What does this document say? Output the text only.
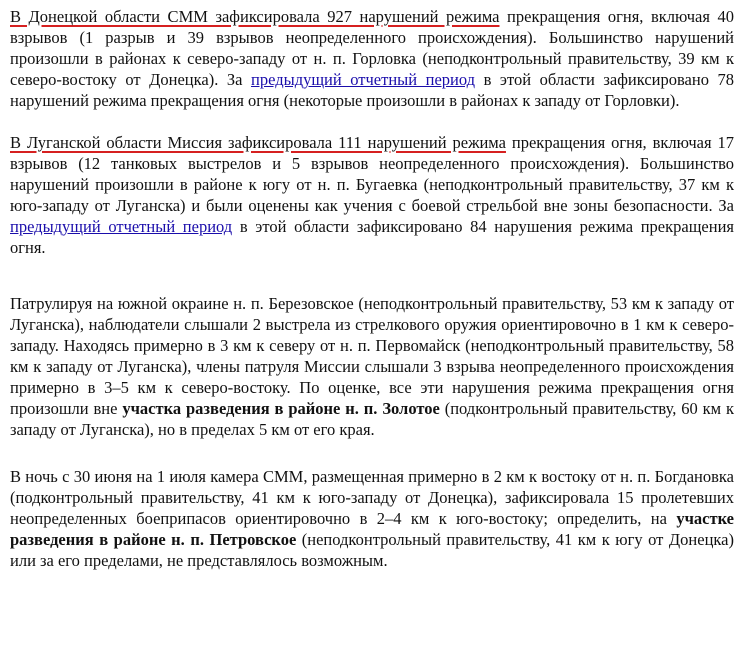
В Донецкой области СММ зафиксировала 927 нарушений режима прекращения огня, включая 40 взрывов (1 разрыв и 39 взрывов неопределенного происхождения). Большинство нарушений произошли в районах к северо-западу от н. п. Горловка (неподконтрольный правительству, 39 км к северо-востоку от Донецка). За предыдущий отчетный период в этой области зафиксировано 78 нарушений режима прекращения огня (некоторые произошли в районах к западу от Горловки).

В Луганской области Миссия зафиксировала 111 нарушений режима прекращения огня, включая 17 взрывов (12 танковых выстрелов и 5 взрывов неопределенного происхождения). Большинство нарушений произошли в районе к югу от н. п. Бугаевка (неподконтрольный правительству, 37 км к юго-западу от Луганска) и были оценены как учения с боевой стрельбой вне зоны безопасности. За предыдущий отчетный период в этой области зафиксировано 84 нарушения режима прекращения огня.

Патрулируя на южной окраине н. п. Березовское (неподконтрольный правительству, 53 км к западу от Луганска), наблюдатели слышали 2 выстрела из стрелкового оружия ориентировочно в 1 км к северо-западу. Находясь примерно в 3 км к северу от н. п. Первомайск (неподконтрольный правительству, 58 км к западу от Луганска), члены патруля Миссии слышали 3 взрыва неопределенного происхождения примерно в 3–5 км к северо-востоку. По оценке, все эти нарушения режима прекращения огня произошли вне участка разведения в районе н. п. Золотое (подконтрольный правительству, 60 км к западу от Луганска), но в пределах 5 км от его края.

В ночь с 30 июня на 1 июля камера СММ, размещенная примерно в 2 км к востоку от н. п. Богдановка (подконтрольный правительству, 41 км к юго-западу от Донецка), зафиксировала 15 пролетевших неопределенных боеприпасов ориентировочно в 2–4 км к юго-востоку; определить, на участке разведения в районе н. п. Петровское (неподконтрольный правительству, 41 км к югу от Донецка) или за его пределами, не представлялось возможным.
